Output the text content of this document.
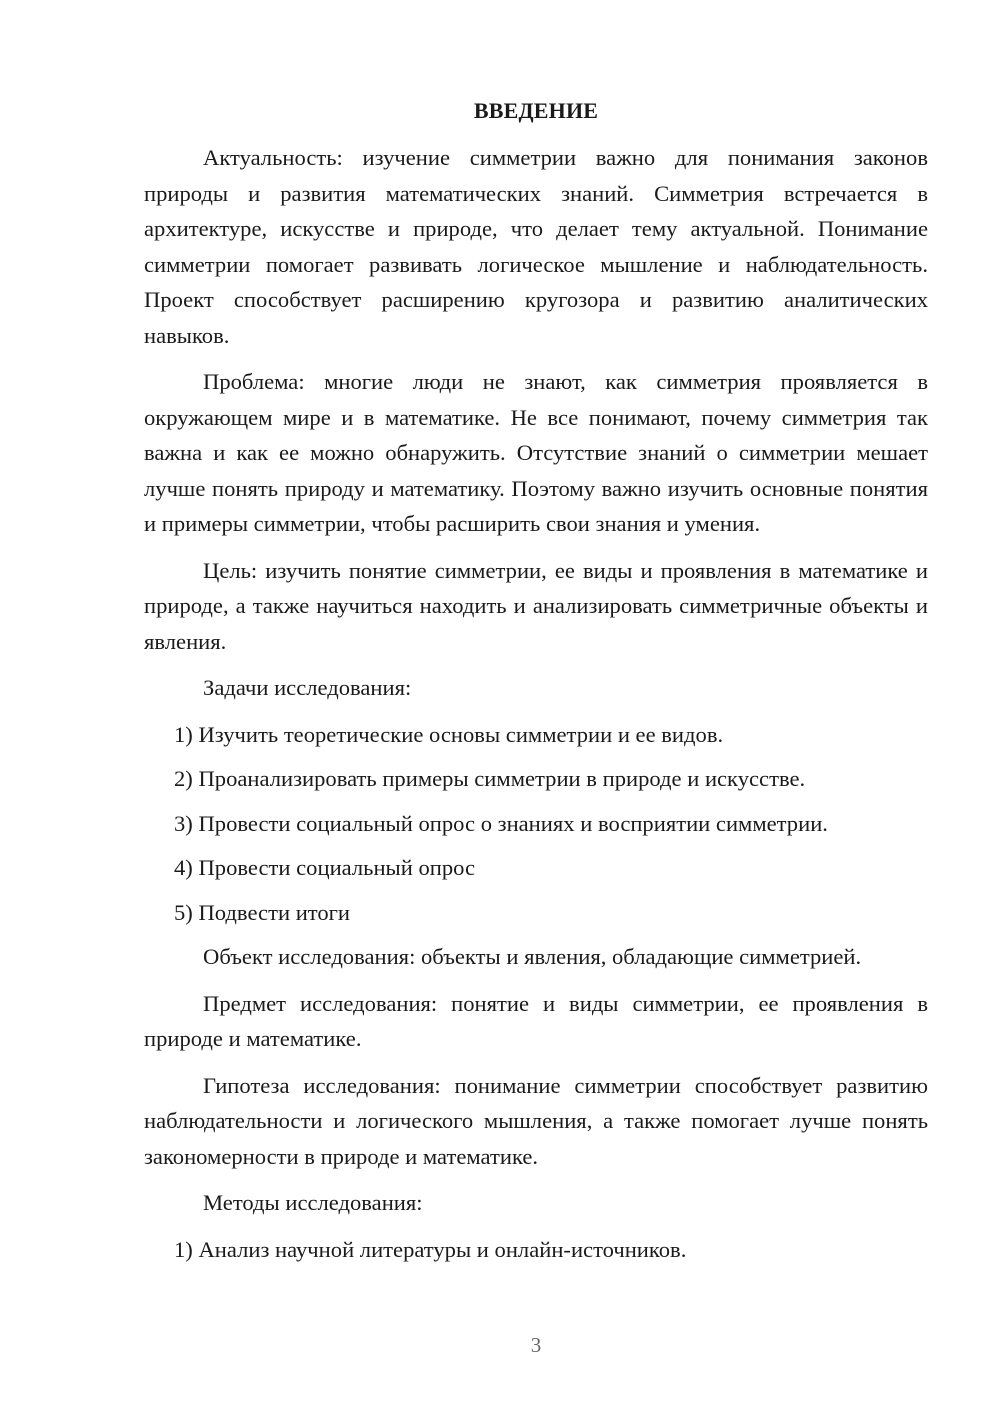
ВВЕДЕНИЕ

Актуальность: изучение симметрии важно для понимания законов природы и развития математических знаний. Симметрия встречается в архитектуре, искусстве и природе, что делает тему актуальной. Понимание симметрии помогает развивать логическое мышление и наблюдательность. Проект способствует расширению кругозора и развитию аналитических навыков.

Проблема: многие люди не знают, как симметрия проявляется в окружающем мире и в математике. Не все понимают, почему симметрия так важна и как ее можно обнаружить. Отсутствие знаний о симметрии мешает лучше понять природу и математику. Поэтому важно изучить основные понятия и примеры симметрии, чтобы расширить свои знания и умения.

Цель: изучить понятие симметрии, ее виды и проявления в математике и природе, а также научиться находить и анализировать симметричные объекты и явления.

Задачи исследования:

1) Изучить теоретические основы симметрии и ее видов.
2) Проанализировать примеры симметрии в природе и искусстве.
3) Провести социальный опрос о знаниях и восприятии симметрии.
4) Провести социальный опрос
5) Подвести итоги

Объект исследования: объекты и явления, обладающие симметрией.

Предмет исследования: понятие и виды симметрии, ее проявления в природе и математике.

Гипотеза исследования: понимание симметрии способствует развитию наблюдательности и логического мышления, а также помогает лучше понять закономерности в природе и математике.

Методы исследования:

1) Анализ научной литературы и онлайн-источников.
3
